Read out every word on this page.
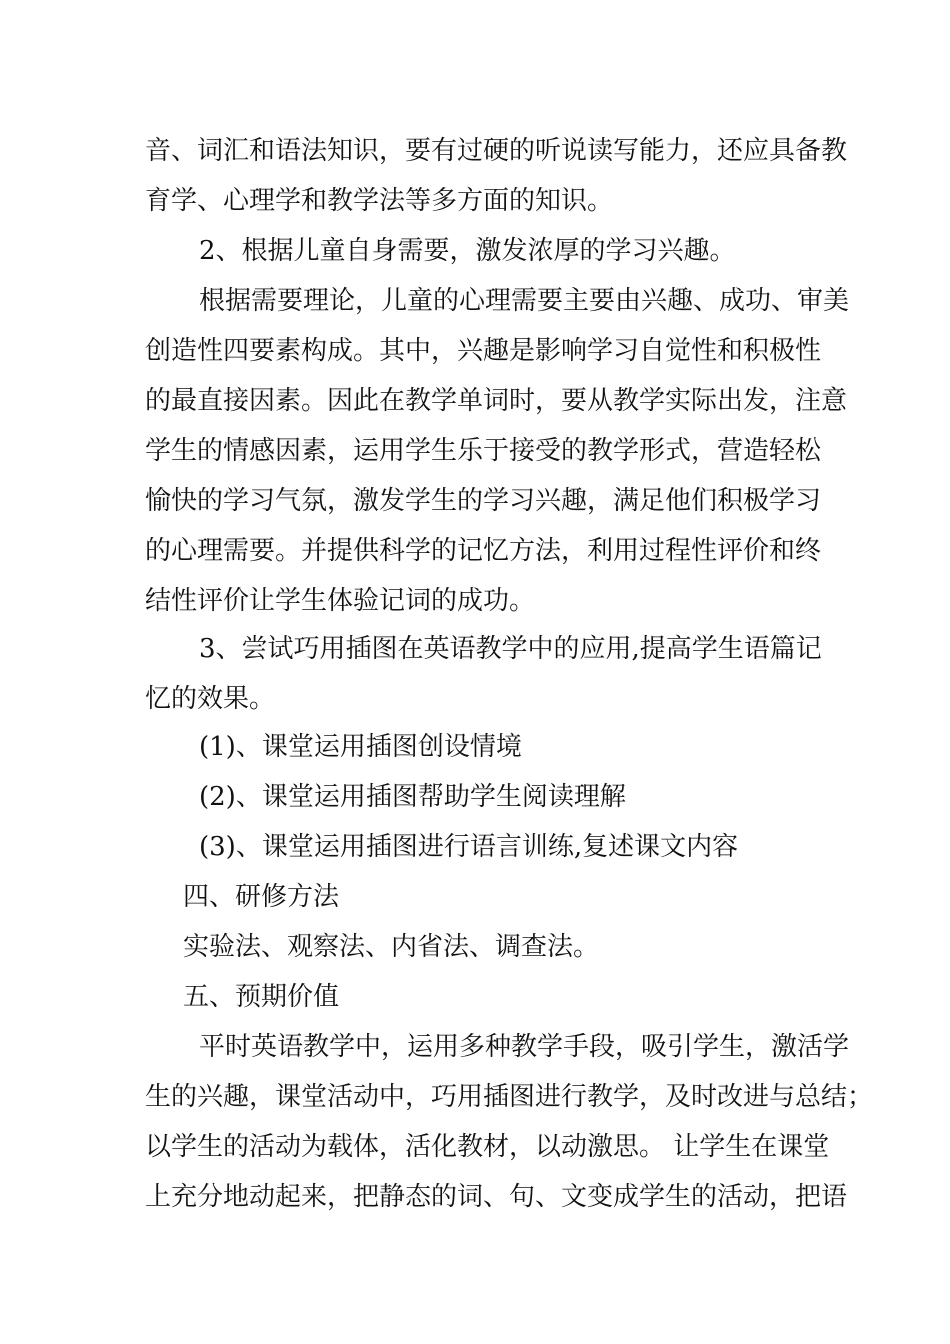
音、词汇和语法知识，要有过硬的听说读写能力，还应具备教
育学、心理学和教学法等多方面的知识。

2、根据儿童自身需要，激发浓厚的学习兴趣。

根据需要理论，儿童的心理需要主要由兴趣、成功、审美
创造性四要素构成。其中，兴趣是影响学习自觉性和积极性
的最直接因素。因此在教学单词时，要从教学实际出发，注意
学生的情感因素，运用学生乐于接受的教学形式，营造轻松
愉快的学习气氛，激发学生的学习兴趣，满足他们积极学习
的心理需要。并提供科学的记忆方法，利用过程性评价和终
结性评价让学生体验记词的成功。

3、尝试巧用插图在英语教学中的应用,提高学生语篇记
忆的效果。

(1)、课堂运用插图创设情境

(2)、课堂运用插图帮助学生阅读理解

(3)、课堂运用插图进行语言训练,复述课文内容

四、研修方法

实验法、观察法、内省法、调查法。

五、预期价值

平时英语教学中，运用多种教学手段，吸引学生，激活学
生的兴趣，课堂活动中，巧用插图进行教学，及时改进与总结；
以学生的活动为载体，活化教材，以动激思。 让学生在课堂
上充分地动起来，把静态的词、句、文变成学生的活动，把语
